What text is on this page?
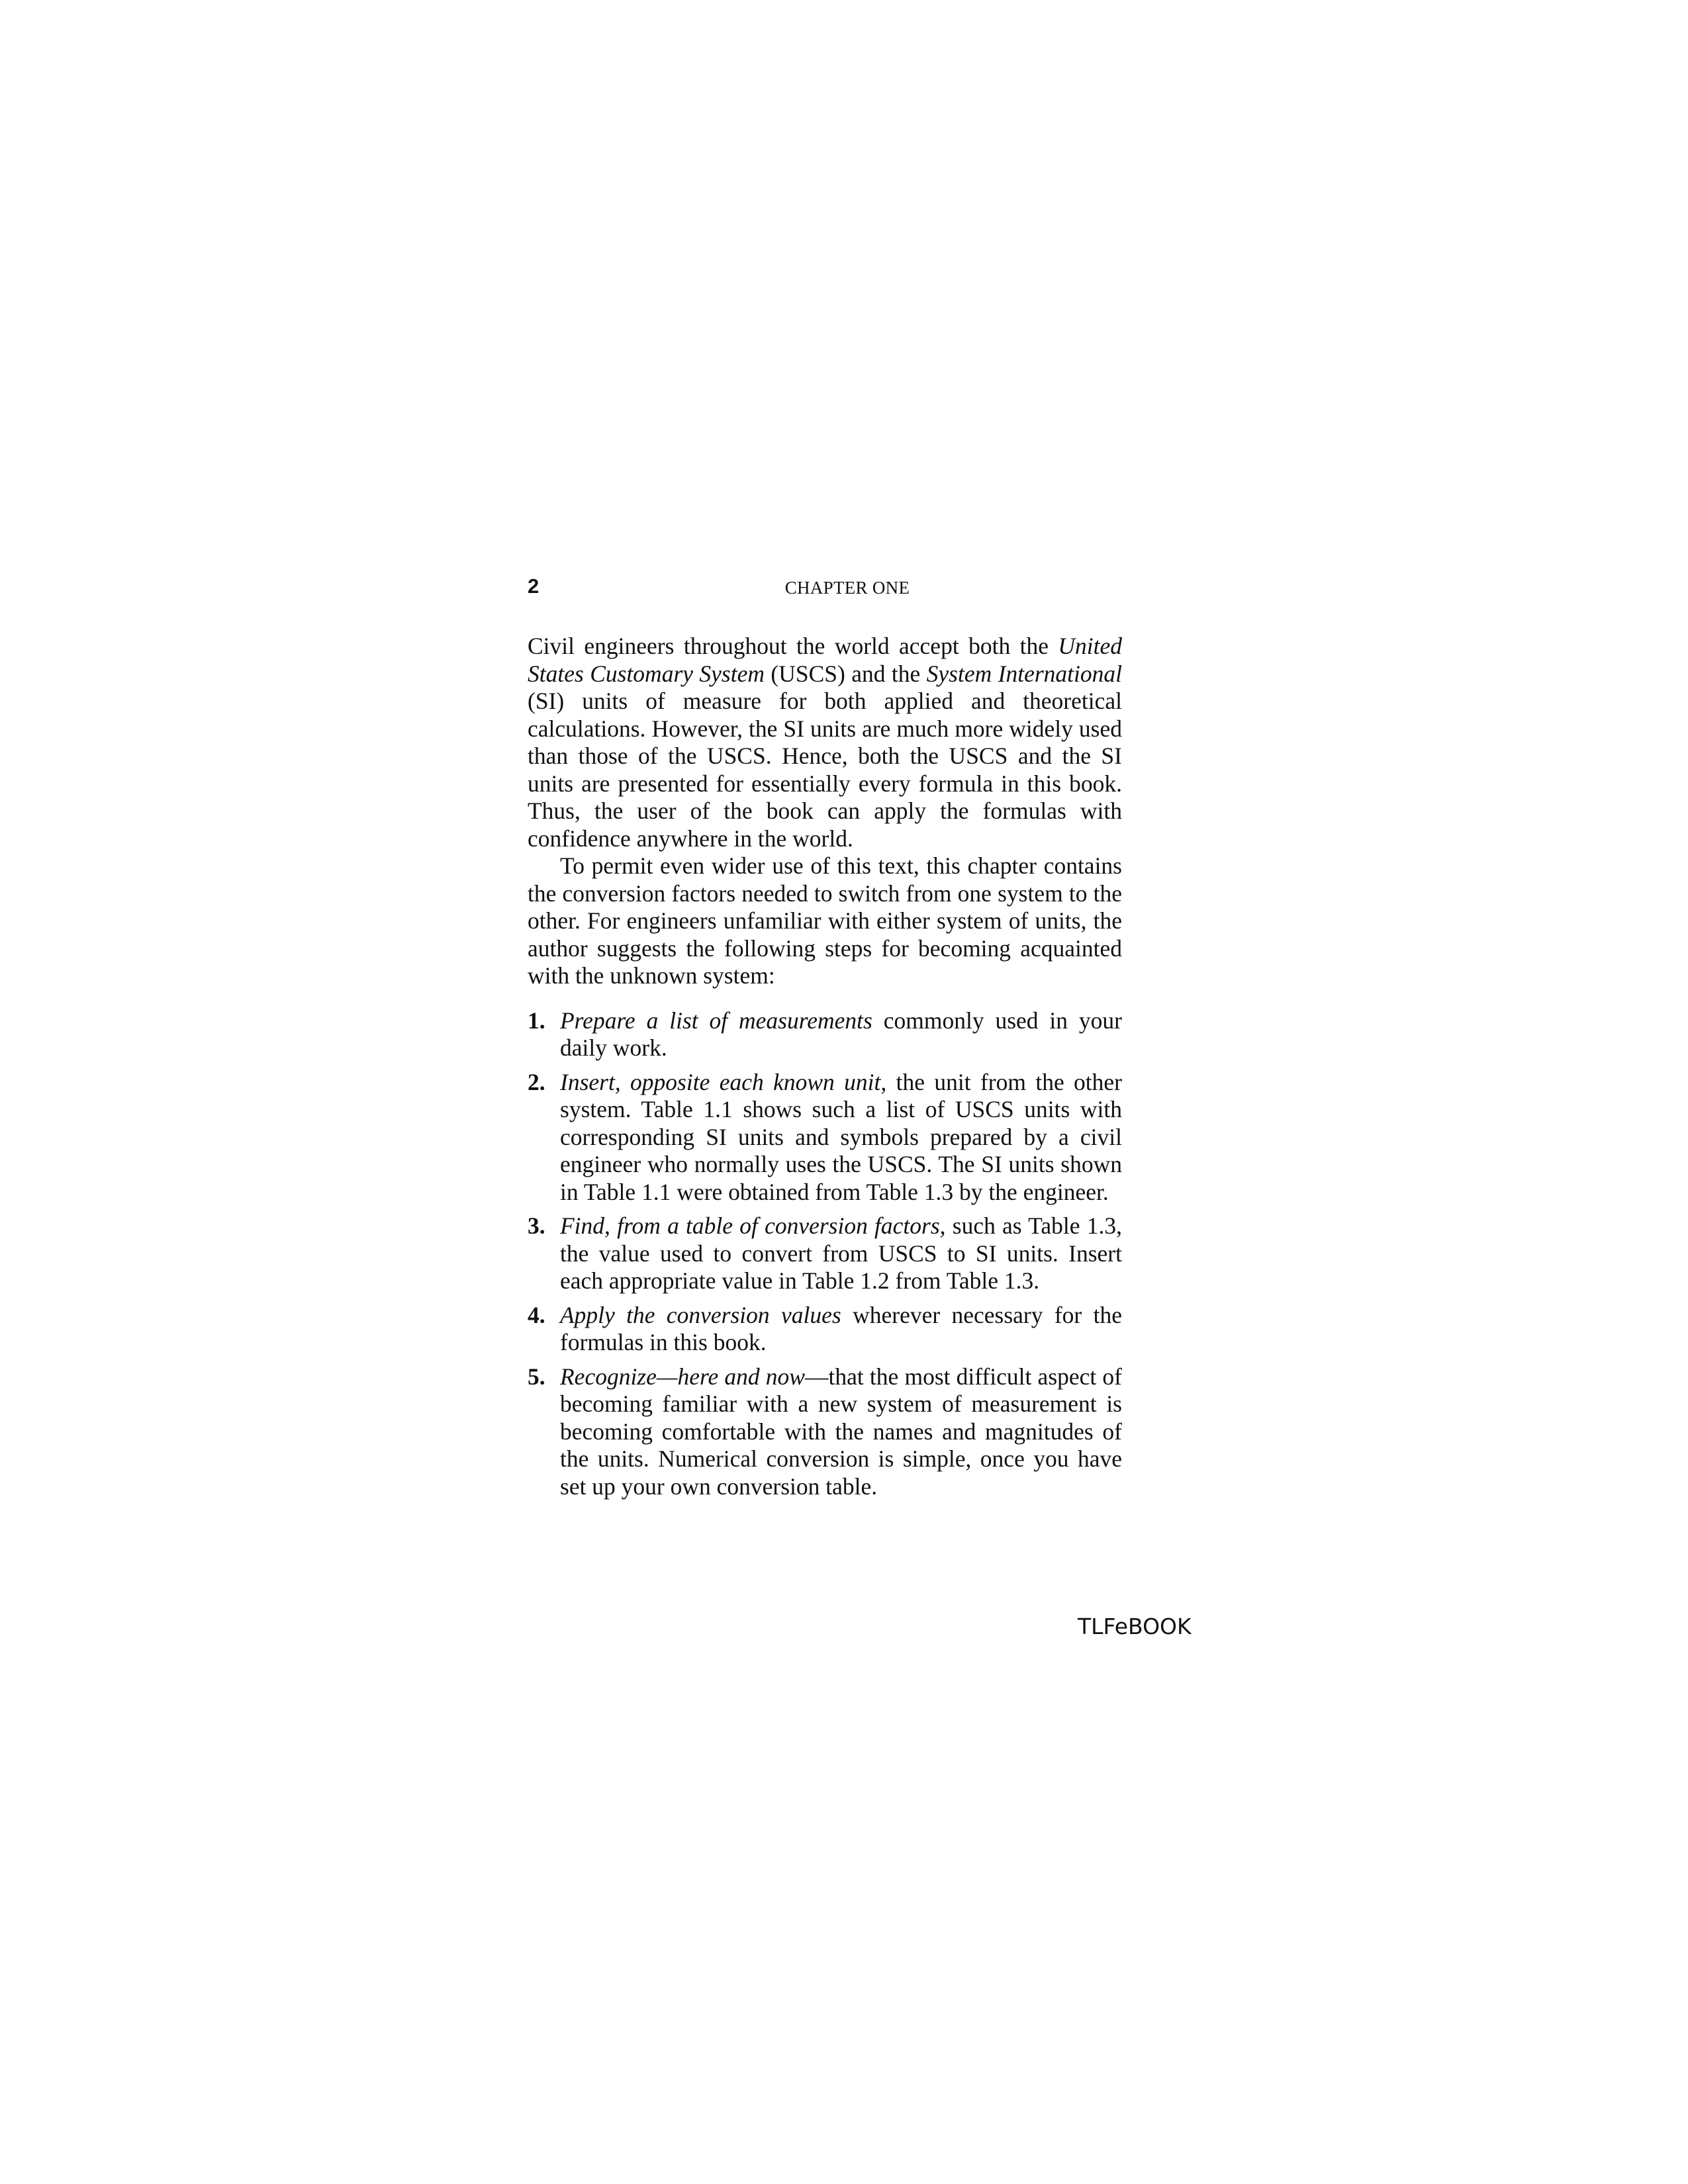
2	CHAPTER ONE

Civil engineers throughout the world accept both the United States Customary System (USCS) and the System International (SI) units of measure for both applied and theoretical calculations. However, the SI units are much more widely used than those of the USCS. Hence, both the USCS and the SI units are presented for essentially every formula in this book. Thus, the user of the book can apply the formulas with confidence anywhere in the world.

To permit even wider use of this text, this chapter contains the conversion factors needed to switch from one system to the other. For engineers unfamiliar with either system of units, the author suggests the following steps for becoming acquainted with the unknown system:

1. Prepare a list of measurements commonly used in your daily work.
2. Insert, opposite each known unit, the unit from the other system. Table 1.1 shows such a list of USCS units with corresponding SI units and symbols prepared by a civil engineer who normally uses the USCS. The SI units shown in Table 1.1 were obtained from Table 1.3 by the engineer.
3. Find, from a table of conversion factors, such as Table 1.3, the value used to convert from USCS to SI units. Insert each appropriate value in Table 1.2 from Table 1.3.
4. Apply the conversion values wherever necessary for the formulas in this book.
5. Recognize—here and now—that the most difficult aspect of becoming familiar with a new system of measurement is becoming comfortable with the names and magnitudes of the units. Numerical conversion is simple, once you have set up your own conversion table.
TLFeBOOK
